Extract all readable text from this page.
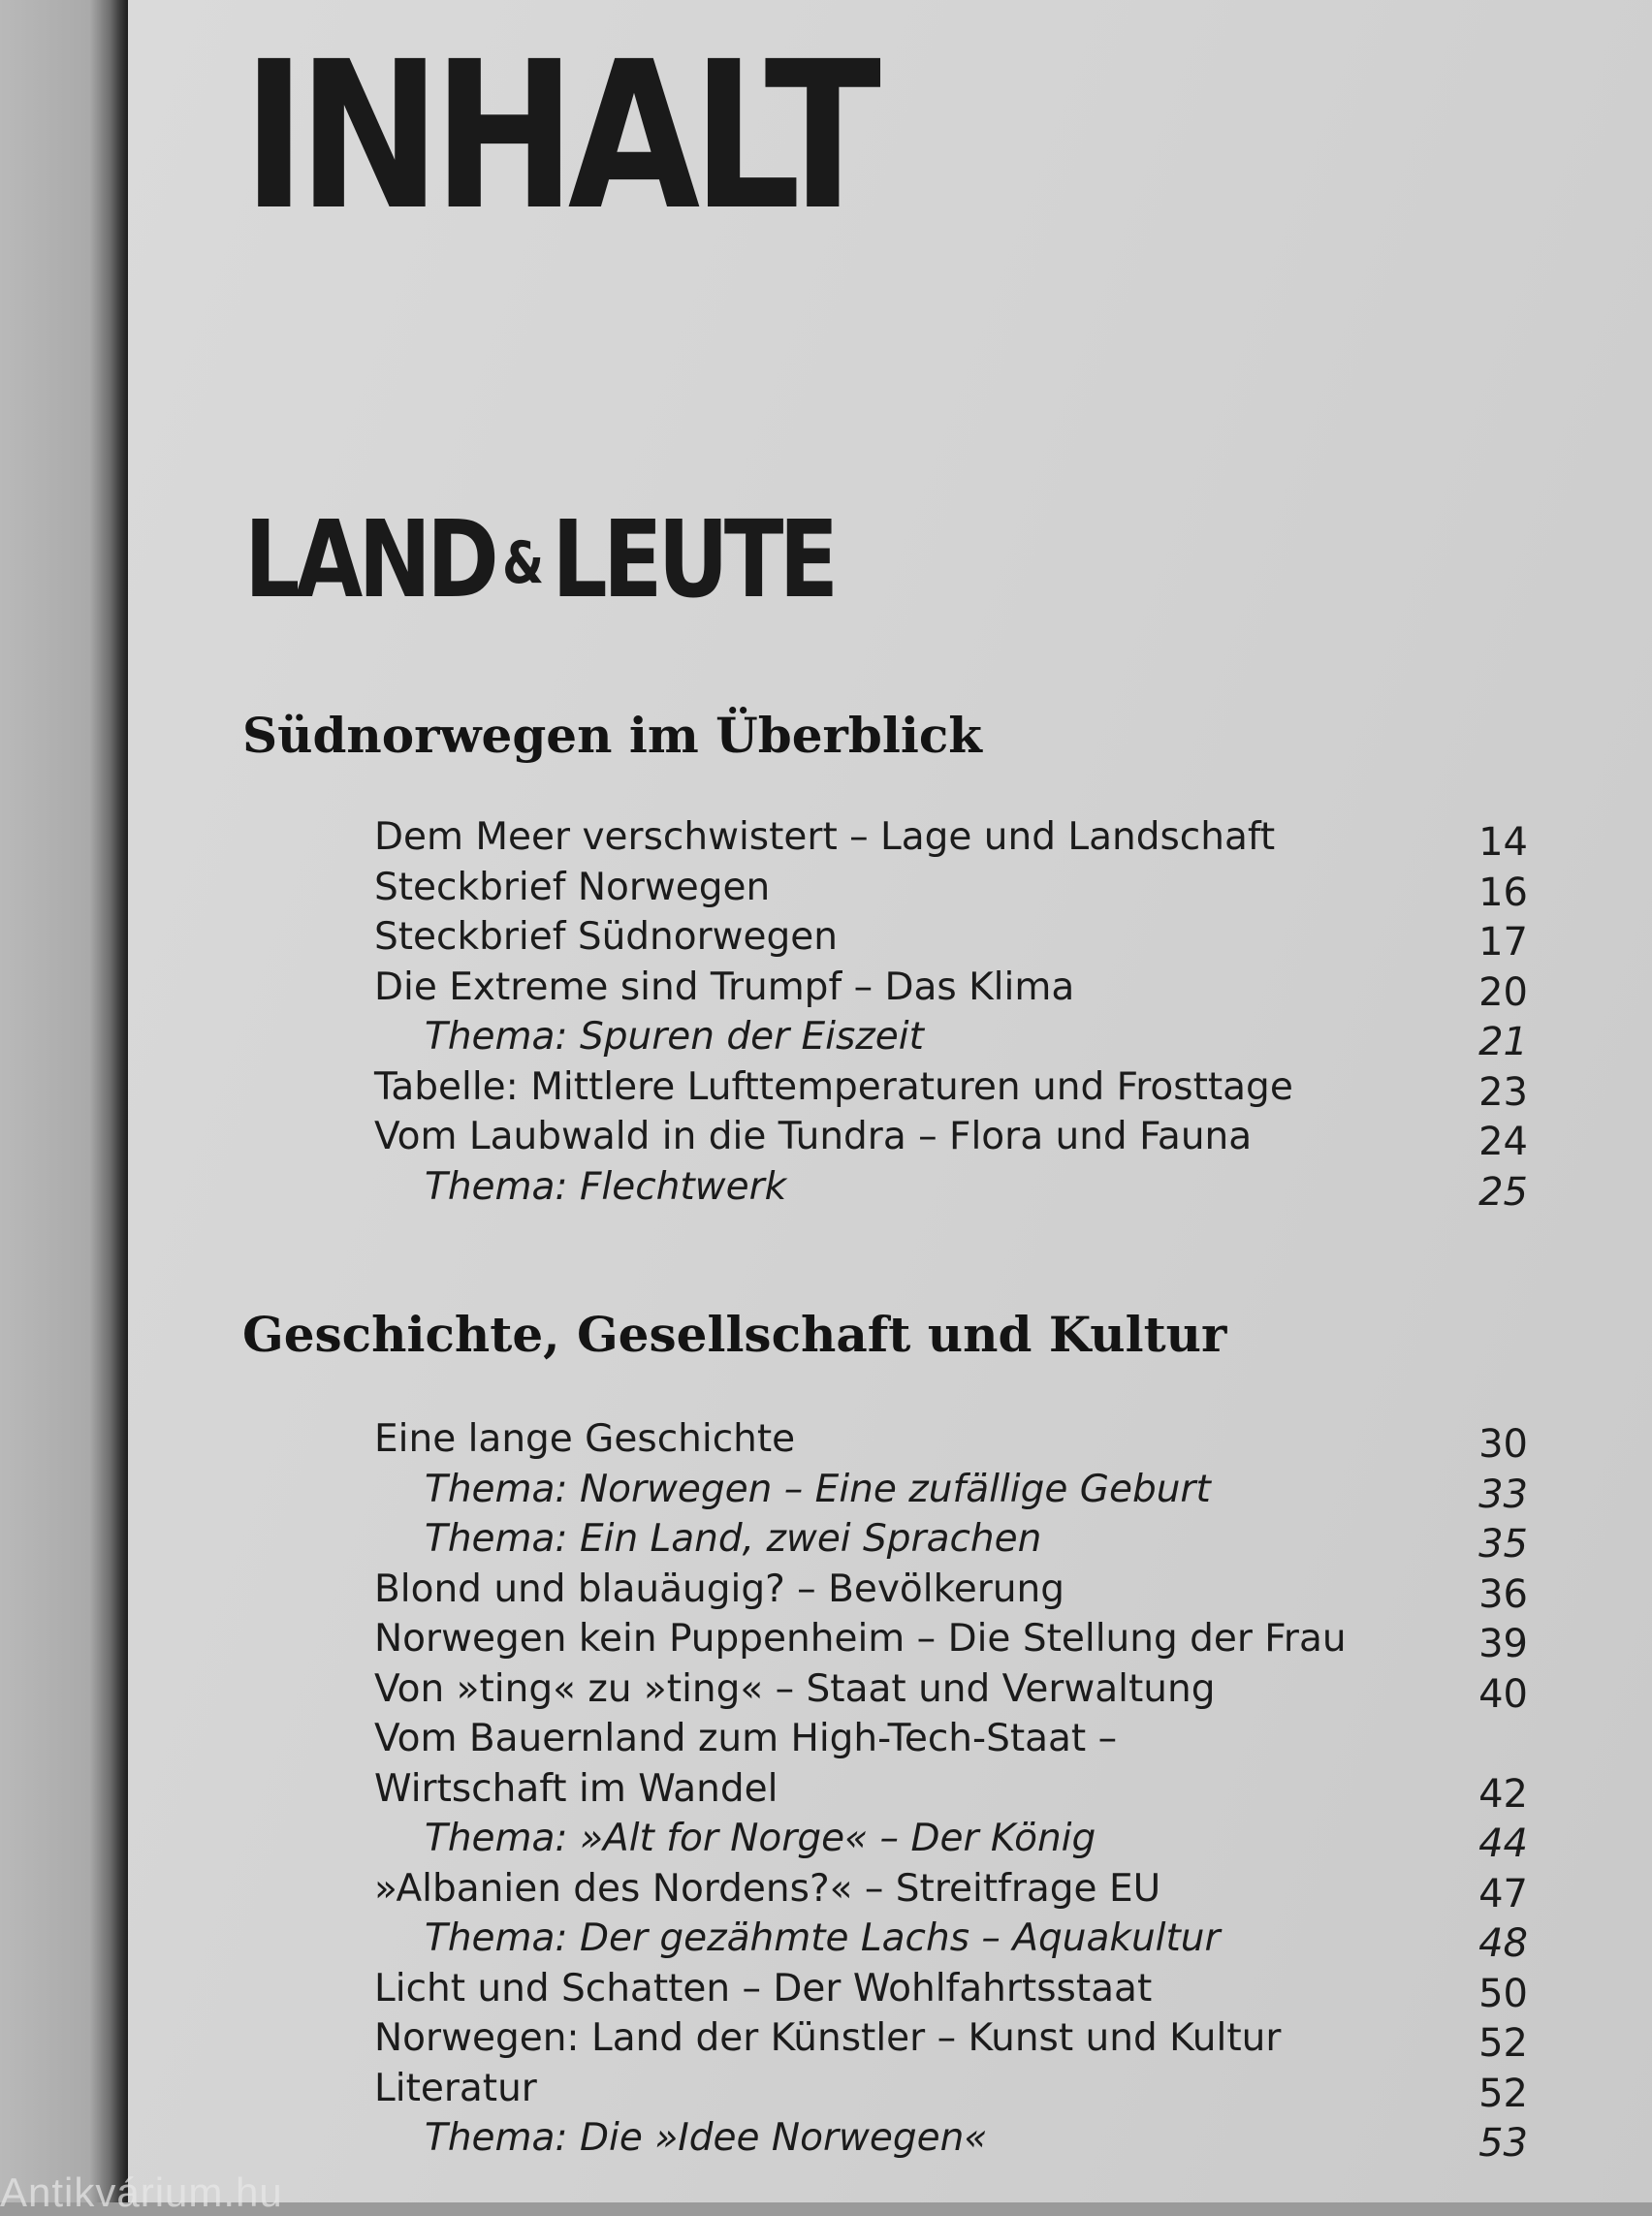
INHALT
LAND &LEUTE
Südnorwegen im Überblick
Dem Meer verschwistert – Lage und Landschaft	14
Steckbrief Norwegen	16
Steckbrief Südnorwegen	17
Die Extreme sind Trumpf – Das Klima	20
Thema: Spuren der Eiszeit	21
Tabelle: Mittlere Lufttemperaturen und Frosttage	23
Vom Laubwald in die Tundra – Flora und Fauna	24
Thema: Flechtwerk	25
Geschichte, Gesellschaft und Kultur
Eine lange Geschichte	30
Thema: Norwegen – Eine zufällige Geburt	33
Thema: Ein Land, zwei Sprachen	35
Blond und blauäugig? – Bevölkerung	36
Norwegen kein Puppenheim – Die Stellung der Frau	39
Von »ting« zu »ting« – Staat und Verwaltung	40
Vom Bauernland zum High-Tech-Staat –
Wirtschaft im Wandel	42
Thema: »Alt for Norge« – Der König	44
»Albanien des Nordens?« – Streitfrage EU	47
Thema: Der gezähmte Lachs – Aquakultur	48
Licht und Schatten – Der Wohlfahrtsstaat	50
Norwegen: Land der Künstler – Kunst und Kultur	52
Literatur	52
Thema: Die »Idee Norwegen«	53
Antikvárium.hu
